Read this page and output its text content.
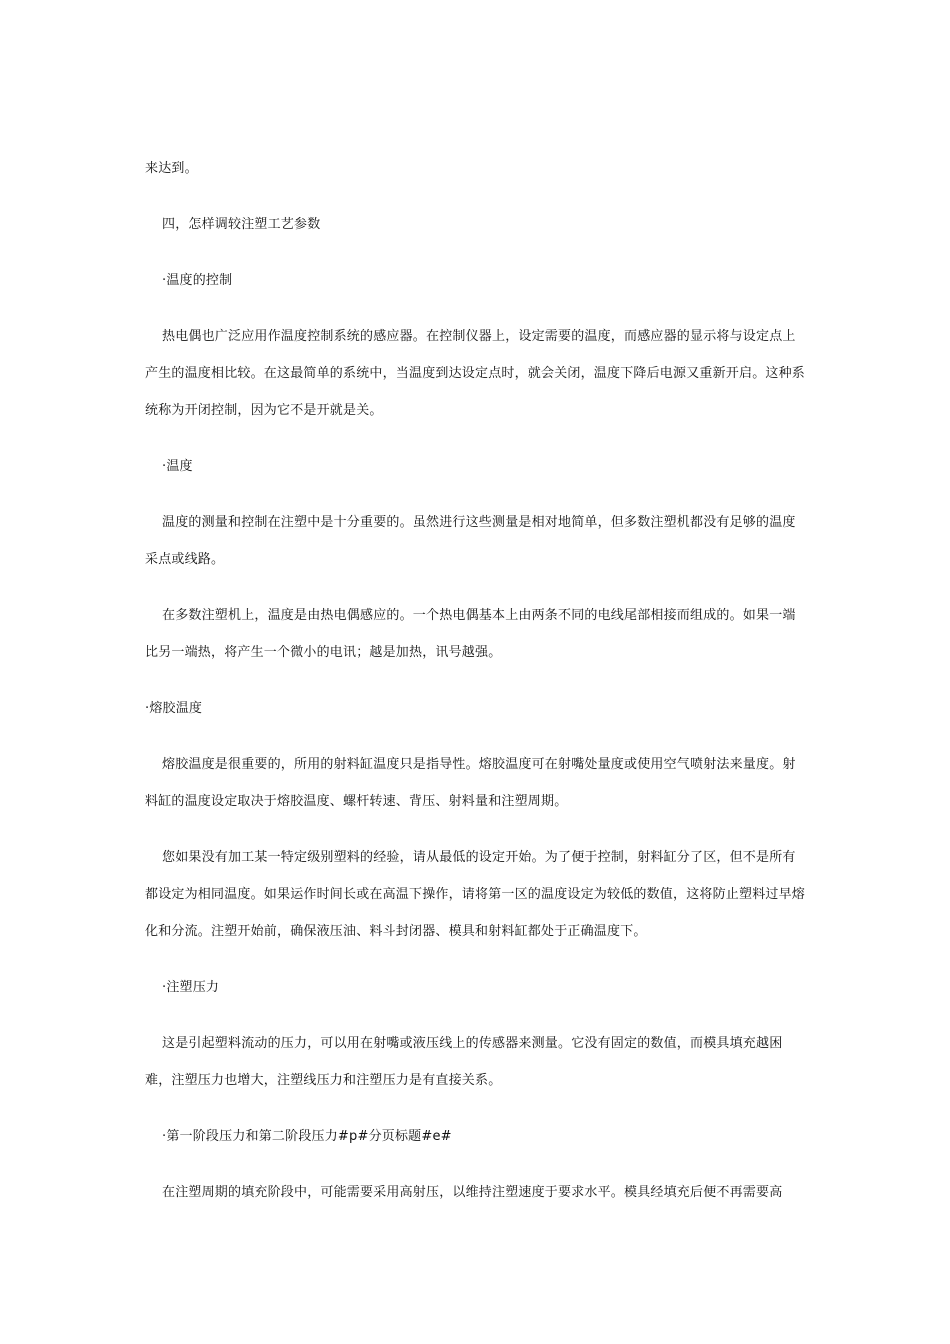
来达到。

四，怎样调较注塑工艺参数

·温度的控制

热电偶也广泛应用作温度控制系统的感应器。在控制仪器上，设定需要的温度，而感应器的显示将与设定点上产生的温度相比较。在这最简单的系统中，当温度到达设定点时，就会关闭，温度下降后电源又重新开启。这种系统称为开闭控制，因为它不是开就是关。

·温度

温度的测量和控制在注塑中是十分重要的。虽然进行这些测量是相对地简单，但多数注塑机都没有足够的温度采点或线路。

在多数注塑机上，温度是由热电偶感应的。一个热电偶基本上由两条不同的电线尾部相接而组成的。如果一端比另一端热，将产生一个微小的电讯；越是加热，讯号越强。

·熔胶温度

熔胶温度是很重要的，所用的射料缸温度只是指导性。熔胶温度可在射嘴处量度或使用空气喷射法来量度。射料缸的温度设定取决于熔胶温度、螺杆转速、背压、射料量和注塑周期。

您如果没有加工某一特定级别塑料的经验，请从最低的设定开始。为了便于控制，射料缸分了区，但不是所有都设定为相同温度。如果运作时间长或在高温下操作，请将第一区的温度设定为较低的数值，这将防止塑料过早熔化和分流。注塑开始前，确保液压油、料斗封闭器、模具和射料缸都处于正确温度下。

·注塑压力

这是引起塑料流动的压力，可以用在射嘴或液压线上的传感器来测量。它没有固定的数值，而模具填充越困难，注塑压力也增大，注塑线压力和注塑压力是有直接关系。

·第一阶段压力和第二阶段压力#p#分页标题#e#

在注塑周期的填充阶段中，可能需要采用高射压，以维持注塑速度于要求水平。模具经填充后便不再需要高
